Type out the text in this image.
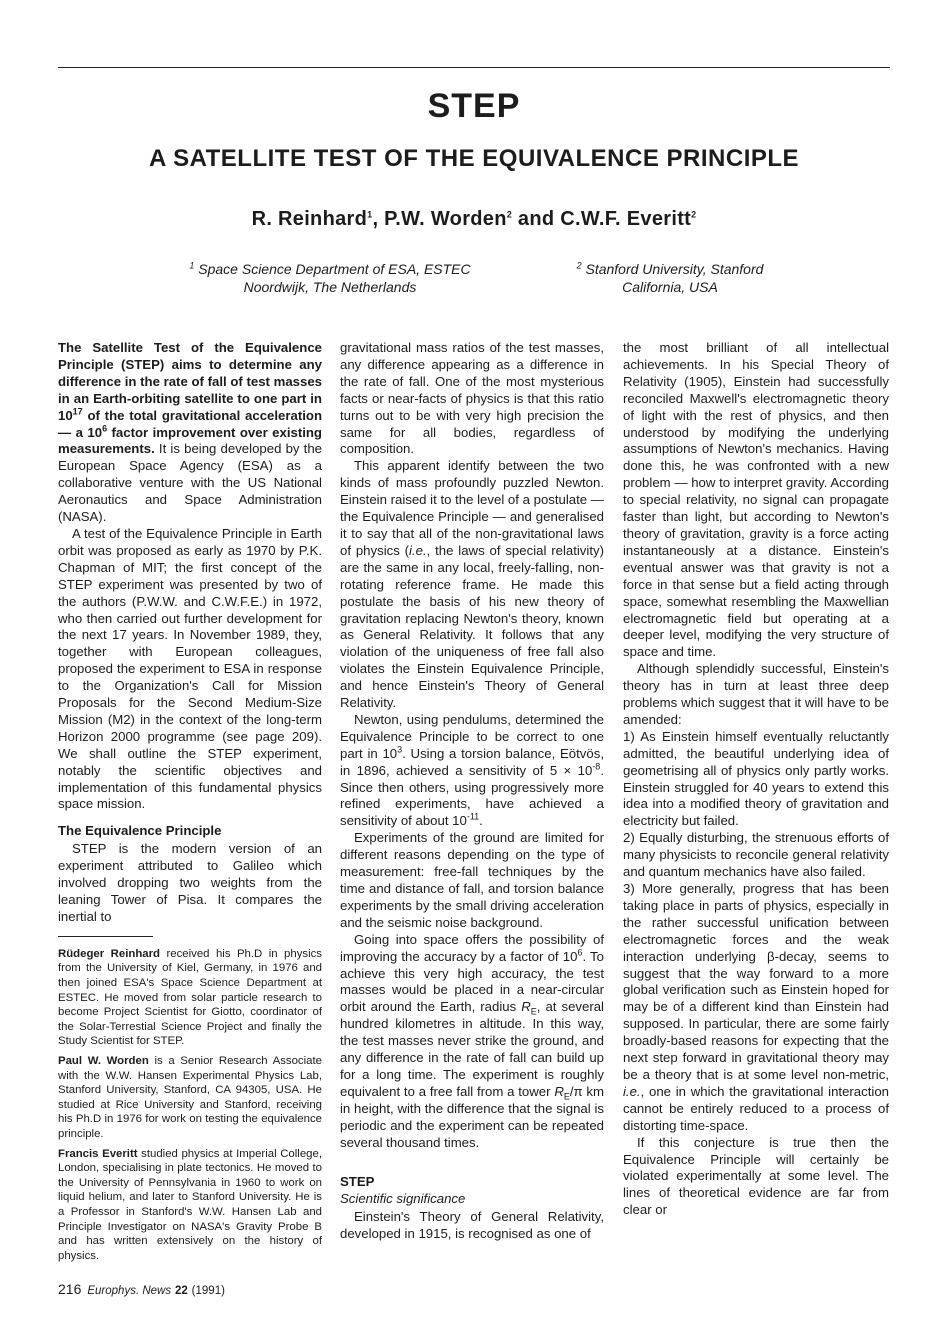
STEP
A SATELLITE TEST OF THE EQUIVALENCE PRINCIPLE
R. Reinhard$^1$, P.W. Worden$^2$ and C.W.F. Everitt$^2$
$^1$ Space Science Department of ESA, ESTEC
Noordwijk, The Netherlands
$^2$ Stanford University, Stanford
California, USA

The Satellite Test of the Equivalence Principle (STEP) aims to determine any difference in the rate of fall of test masses in an Earth-orbiting satellite to one part in $10^{17}$ of the total gravitational acceleration — a $10^6$ factor improvement over existing measurements. It is being developed by the European Space Agency (ESA) as a collaborative venture with the US National Aeronautics and Space Administration (NASA).

A test of the Equivalence Principle in Earth orbit was proposed as early as 1970 by P.K. Chapman of MIT; the first concept of the STEP experiment was presented by two of the authors (P.W.W. and C.W.F.E.) in 1972, who then carried out further development for the next 17 years. In November 1989, they, together with European colleagues, proposed the experiment to ESA in response to the Organization's Call for Mission Proposals for the Second Medium-Size Mission (M2) in the context of the long-term Horizon 2000 programme (see page 209). We shall outline the STEP experiment, notably the scientific objectives and implementation of this fundamental physics space mission.

The Equivalence Principle

STEP is the modern version of an experiment attributed to Galileo which involved dropping two weights from the leaning Tower of Pisa. It compares the inertial to

Rüdeger Reinhard received his Ph.D in physics from the University of Kiel, Germany, in 1976 and then joined ESA's Space Science Department at ESTEC. He moved from solar particle research to become Project Scientist for Giotto, coordinator of the Solar-Terrestial Science Project and finally the Study Scientist for STEP.

Paul W. Worden is a Senior Research Associate with the W.W. Hansen Experimental Physics Lab, Stanford University, Stanford, CA 94305, USA. He studied at Rice University and Stanford, receiving his Ph.D in 1976 for work on testing the equivalence principle.

Francis Everitt studied physics at Imperial College, London, specialising in plate tectonics. He moved to the University of Pennsylvania in 1960 to work on liquid helium, and later to Stanford University. He is a Professor in Stanford's W.W. Hansen Lab and Principle Investigator on NASA's Gravity Probe B and has written extensively on the history of physics.

gravitational mass ratios of the test masses, any difference appearing as a difference in the rate of fall. One of the most mysterious facts or near-facts of physics is that this ratio turns out to be with very high precision the same for all bodies, regardless of composition.

This apparent identify between the two kinds of mass profoundly puzzled Newton. Einstein raised it to the level of a postulate — the Equivalence Principle — and generalised it to say that all of the non-gravitational laws of physics (i.e., the laws of special relativity) are the same in any local, freely-falling, non-rotating reference frame. He made this postulate the basis of his new theory of gravitation replacing Newton's theory, known as General Relativity. It follows that any violation of the uniqueness of free fall also violates the Einstein Equivalence Principle, and hence Einstein's Theory of General Relativity.

Newton, using pendulums, determined the Equivalence Principle to be correct to one part in $10^3$. Using a torsion balance, Eötvös, in 1896, achieved a sensitivity of $5 \times 10^{-8}$. Since then others, using progressively more refined experiments, have achieved a sensitivity of about $10^{-11}$.

Experiments of the ground are limited for different reasons depending on the type of measurement: free-fall techniques by the time and distance of fall, and torsion balance experiments by the small driving acceleration and the seismic noise background.

Going into space offers the possibility of improving the accuracy by a factor of $10^6$. To achieve this very high accuracy, the test masses would be placed in a near-circular orbit around the Earth, radius $R_E$, at several hundred kilometres in altitude. In this way, the test masses never strike the ground, and any difference in the rate of fall can build up for a long time. The experiment is roughly equivalent to a free fall from a tower $R_E/\pi$ km in height, with the difference that the signal is periodic and the experiment can be repeated several thousand times.

STEP
Scientific significance

Einstein's Theory of General Relativity, developed in 1915, is recognised as one of

the most brilliant of all intellectual achievements. In his Special Theory of Relativity (1905), Einstein had successfully reconciled Maxwell's electromagnetic theory of light with the rest of physics, and then understood by modifying the underlying assumptions of Newton's mechanics. Having done this, he was confronted with a new problem — how to interpret gravity. According to special relativity, no signal can propagate faster than light, but according to Newton's theory of gravitation, gravity is a force acting instantaneously at a distance. Einstein's eventual answer was that gravity is not a force in that sense but a field acting through space, somewhat resembling the Maxwellian electromagnetic field but operating at a deeper level, modifying the very structure of space and time.

Although splendidly successful, Einstein's theory has in turn at least three deep problems which suggest that it will have to be amended:

1) As Einstein himself eventually reluctantly admitted, the beautiful underlying idea of geometrising all of physics only partly works. Einstein struggled for 40 years to extend this idea into a modified theory of gravitation and electricity but failed.

2) Equally disturbing, the strenuous efforts of many physicists to reconcile general relativity and quantum mechanics have also failed.

3) More generally, progress that has been taking place in parts of physics, especially in the rather successful unification between electromagnetic forces and the weak interaction underlying β-decay, seems to suggest that the way forward to a more global verification such as Einstein hoped for may be of a different kind than Einstein had supposed. In particular, there are some fairly broadly-based reasons for expecting that the next step forward in gravitational theory may be a theory that is at some level non-metric, i.e., one in which the gravitational interaction cannot be entirely reduced to a process of distorting time-space.

If this conjecture is true then the Equivalence Principle will certainly be violated experimentally at some level. The lines of theoretical evidence are far from clear or

216 Europhys. News 22 (1991)
